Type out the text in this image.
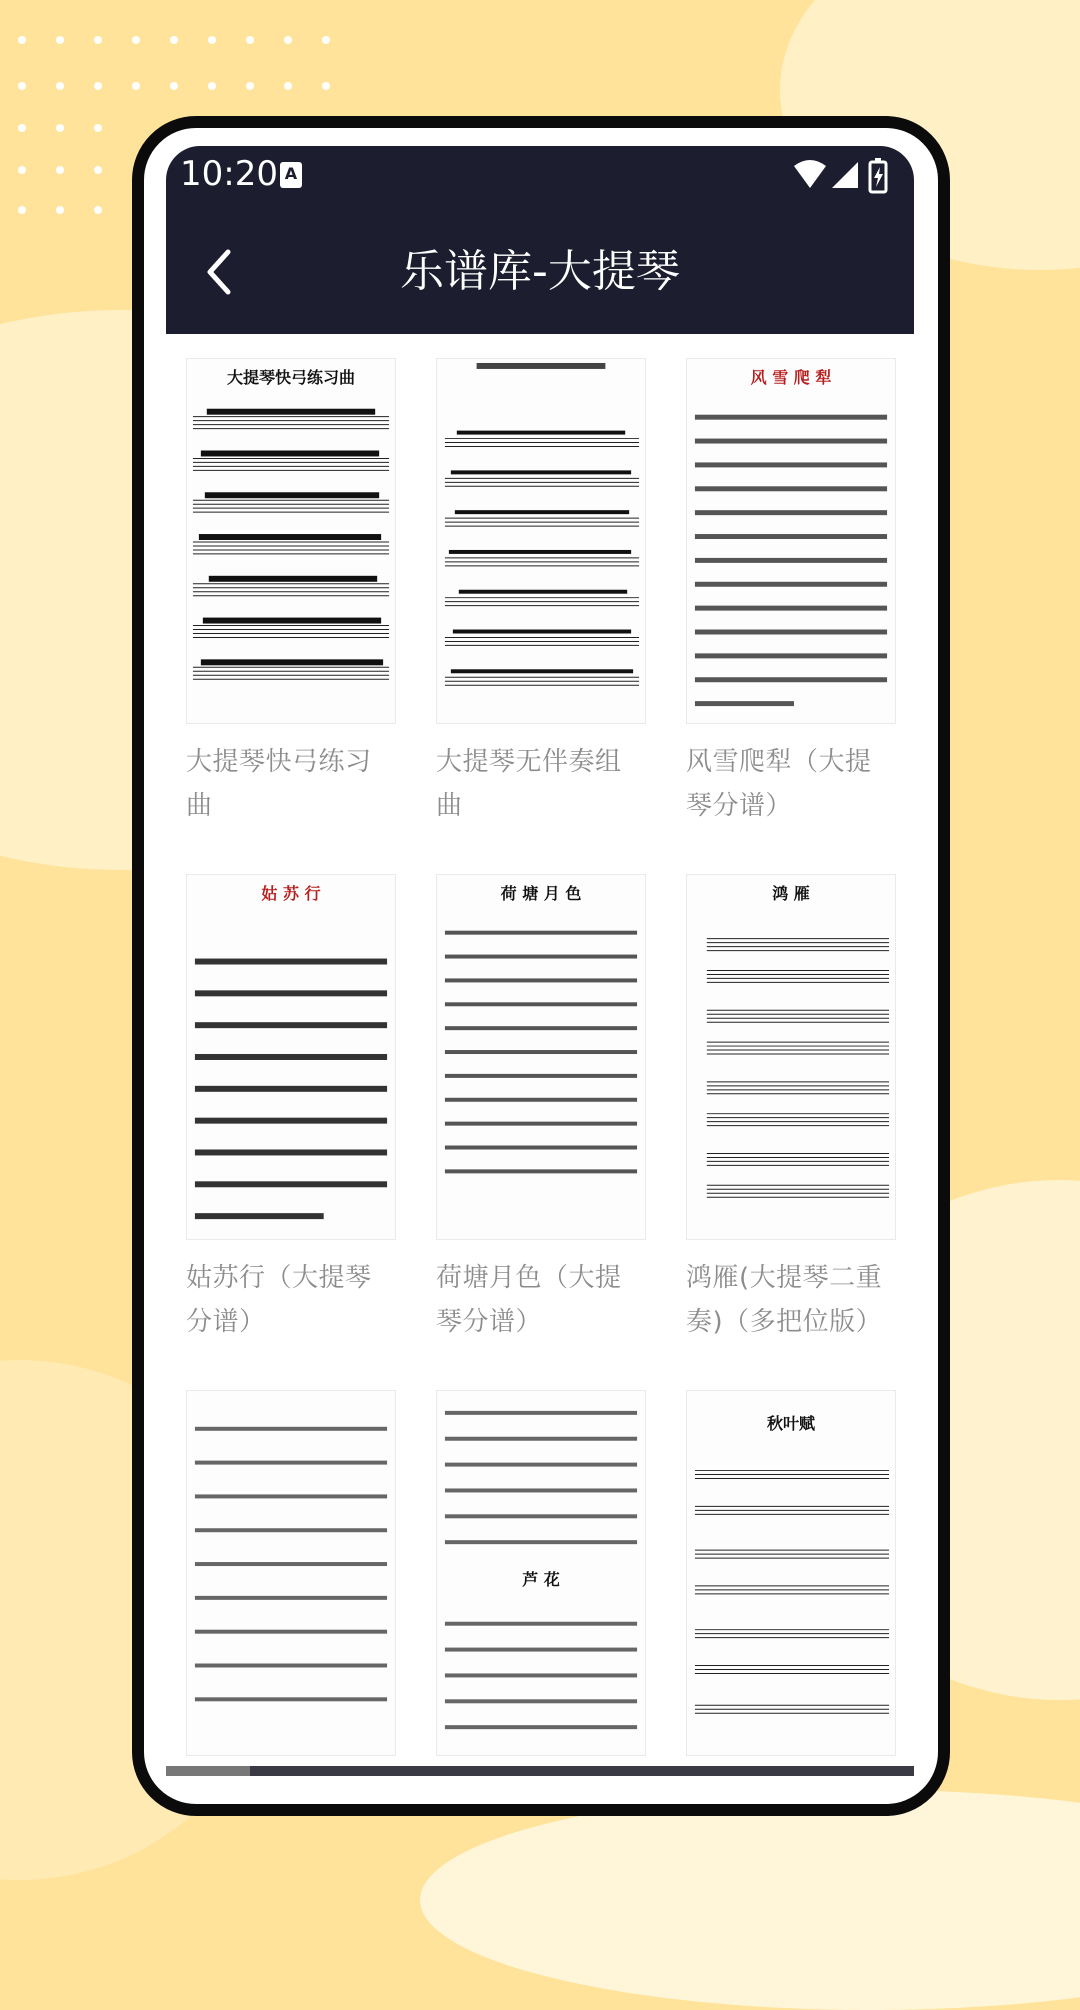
10:20 A
乐谱库-大提琴
大提琴快弓练习曲
大提琴快弓练习曲
大提琴无伴奏组曲
风 雪 爬 犁
风雪爬犁（大提琴分谱）
姑 苏 行
姑苏行（大提琴分谱）
荷 塘 月 色
荷塘月色（大提琴分谱）
鸿 雁
鸿雁(大提琴二重奏)（多把位版）
芦 花
秋叶赋
